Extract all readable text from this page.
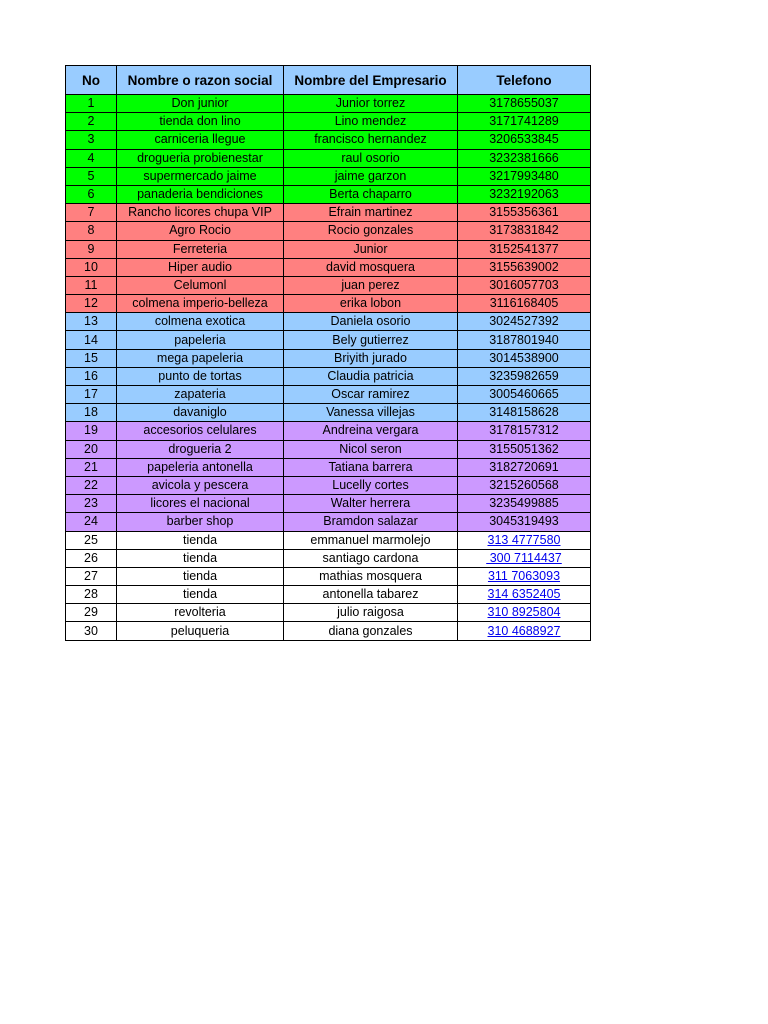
No	Nombre o razon social	Nombre del Empresario	Telefono
1	Don junior	Junior torrez	3178655037
2	tienda don lino	Lino mendez	3171741289
3	carniceria llegue	francisco hernandez	3206533845
4	drogueria probienestar	raul osorio	3232381666
5	supermercado jaime	jaime garzon	3217993480
6	panaderia bendiciones	Berta chaparro	3232192063
7	Rancho licores chupa VIP	Efrain martinez	3155356361
8	Agro Rocio	Rocio gonzales	3173831842
9	Ferreteria	Junior	3152541377
10	Hiper audio	david mosquera	3155639002
11	Celumonl	juan perez	3016057703
12	colmena imperio-belleza	erika lobon	3116168405
13	colmena exotica	Daniela osorio	3024527392
14	papeleria	Bely gutierrez	3187801940
15	mega papeleria	Briyith jurado	3014538900
16	punto de tortas	Claudia patricia	3235982659
17	zapateria	Oscar ramirez	3005460665
18	davaniglo	Vanessa villejas	3148158628
19	accesorios celulares	Andreina vergara	3178157312
20	drogueria 2	Nicol seron	3155051362
21	papeleria antonella	Tatiana barrera	3182720691
22	avicola y pescera	Lucelly cortes	3215260568
23	licores el nacional	Walter herrera	3235499885
24	barber shop	Bramdon salazar	3045319493
25	tienda	emmanuel marmolejo	313 4777580
26	tienda	santiago cardona	300 7114437
27	tienda	mathias mosquera	311 7063093
28	tienda	antonella tabarez	314 6352405
29	revolteria	julio raigosa	310 8925804
30	peluqueria	diana gonzales	310 4688927
